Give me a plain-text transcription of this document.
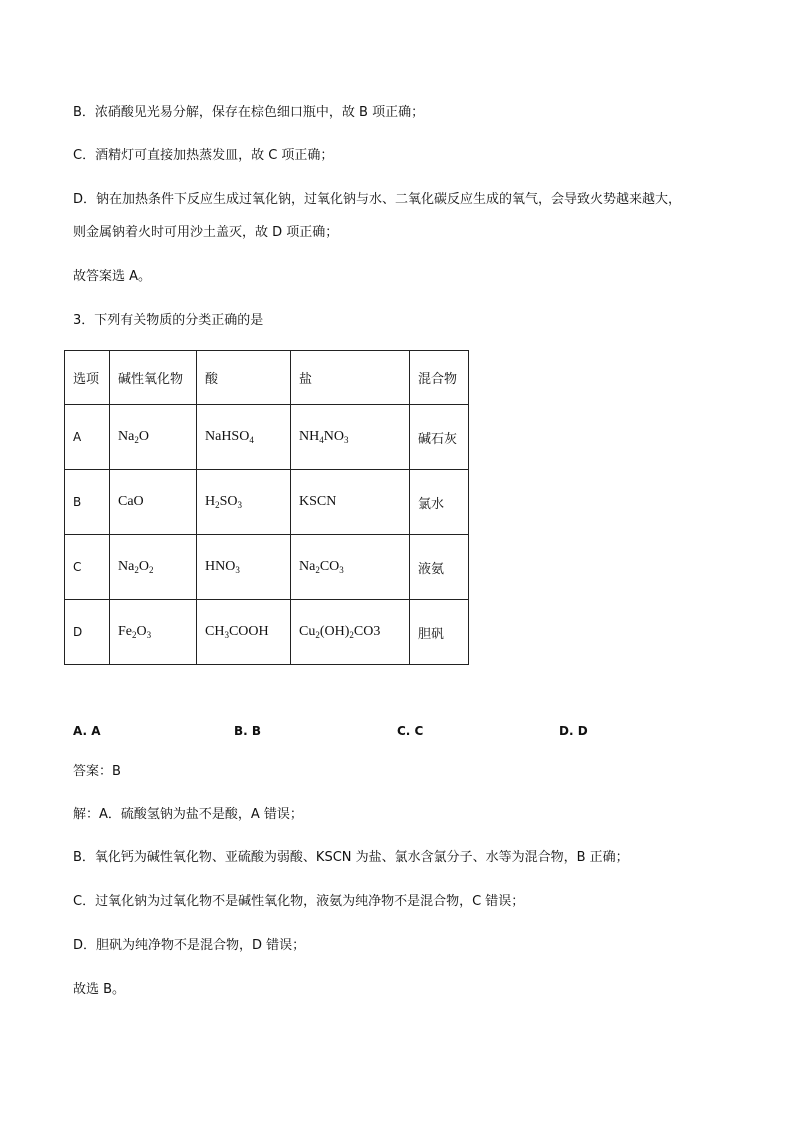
B．浓硝酸见光易分解，保存在棕色细口瓶中，故 B 项正确；
C．酒精灯可直接加热蒸发皿，故 C 项正确；
D．钠在加热条件下反应生成过氧化钠，过氧化钠与水、二氧化碳反应生成的氧气，会导致火势越来越大，
则金属钠着火时可用沙土盖灭，故 D 项正确；
故答案选 A。
3．下列有关物质的分类正确的是
选项	碱性氧化物	酸	盐	混合物
A	$Na_2O$	NaHSO$_4$	$NH_4NO_3$	碱石灰
B	CaO	$H_2SO_3$	KSCN	氯水
C	$Na_2O_2$	$HNO_3$	$Na_2CO_3$	液氨
D	$Fe_2O_3$	$CH_3COOH$	$Cu_2(OH)_2CO3$	胆矾
A. A	B. B	C. C	D. D
答案：B
解：A．硫酸氢钠为盐不是酸，A 错误；
B．氧化钙为碱性氧化物、亚硫酸为弱酸、KSCN 为盐、氯水含氯分子、水等为混合物，B 正确；
C．过氧化钠为过氧化物不是碱性氧化物，液氨为纯净物不是混合物，C 错误；
D．胆矾为纯净物不是混合物，D 错误；
故选 B。
